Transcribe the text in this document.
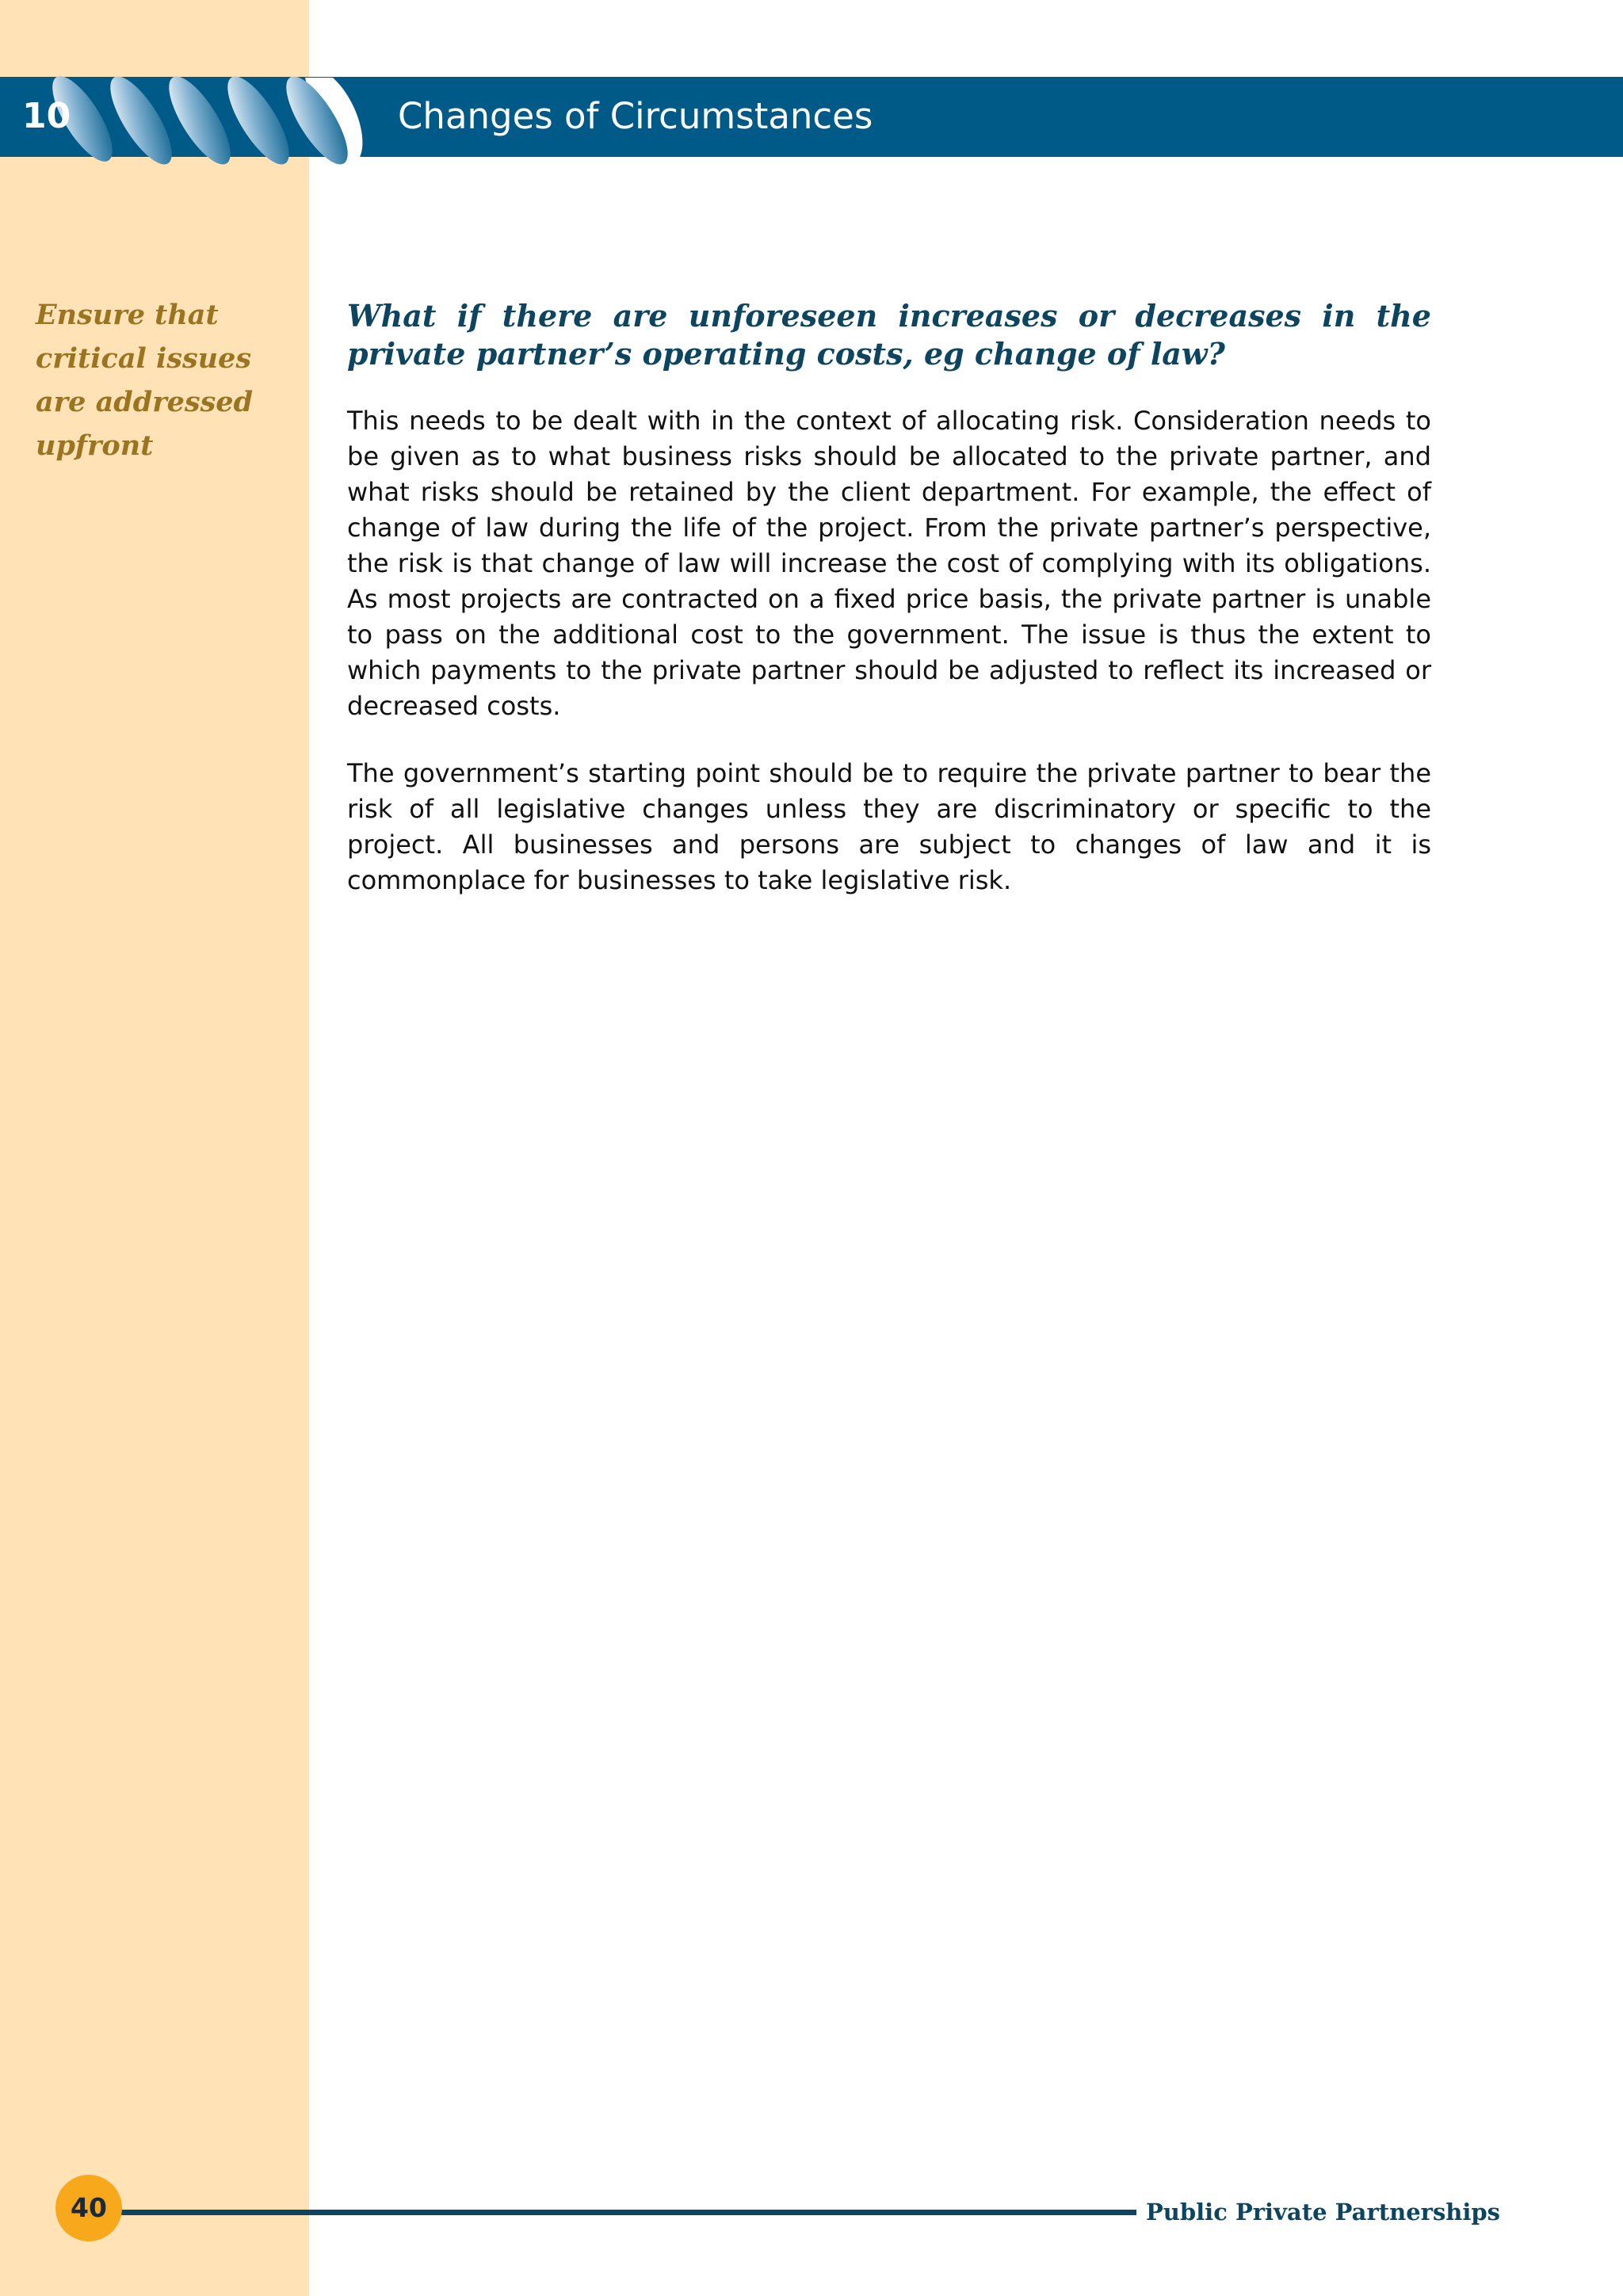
10	Changes of Circumstances
Ensure that critical issues are addressed upfront
What if there are unforeseen increases or decreases in the private partner’s operating costs, eg change of law?

This needs to be dealt with in the context of allocating risk. Consideration needs to be given as to what business risks should be allocated to the private partner, and what risks should be retained by the client department. For example, the effect of change of law during the life of the project. From the private partner’s perspective, the risk is that change of law will increase the cost of complying with its obligations. As most projects are contracted on a fixed price basis, the private partner is unable to pass on the additional cost to the government. The issue is thus the extent to which payments to the private partner should be adjusted to reflect its increased or decreased costs.

The government’s starting point should be to require the private partner to bear the risk of all legislative changes unless they are discriminatory or specific to the project. All businesses and persons are subject to changes of law and it is commonplace for businesses to take legislative risk.

40	Public Private Partnerships
